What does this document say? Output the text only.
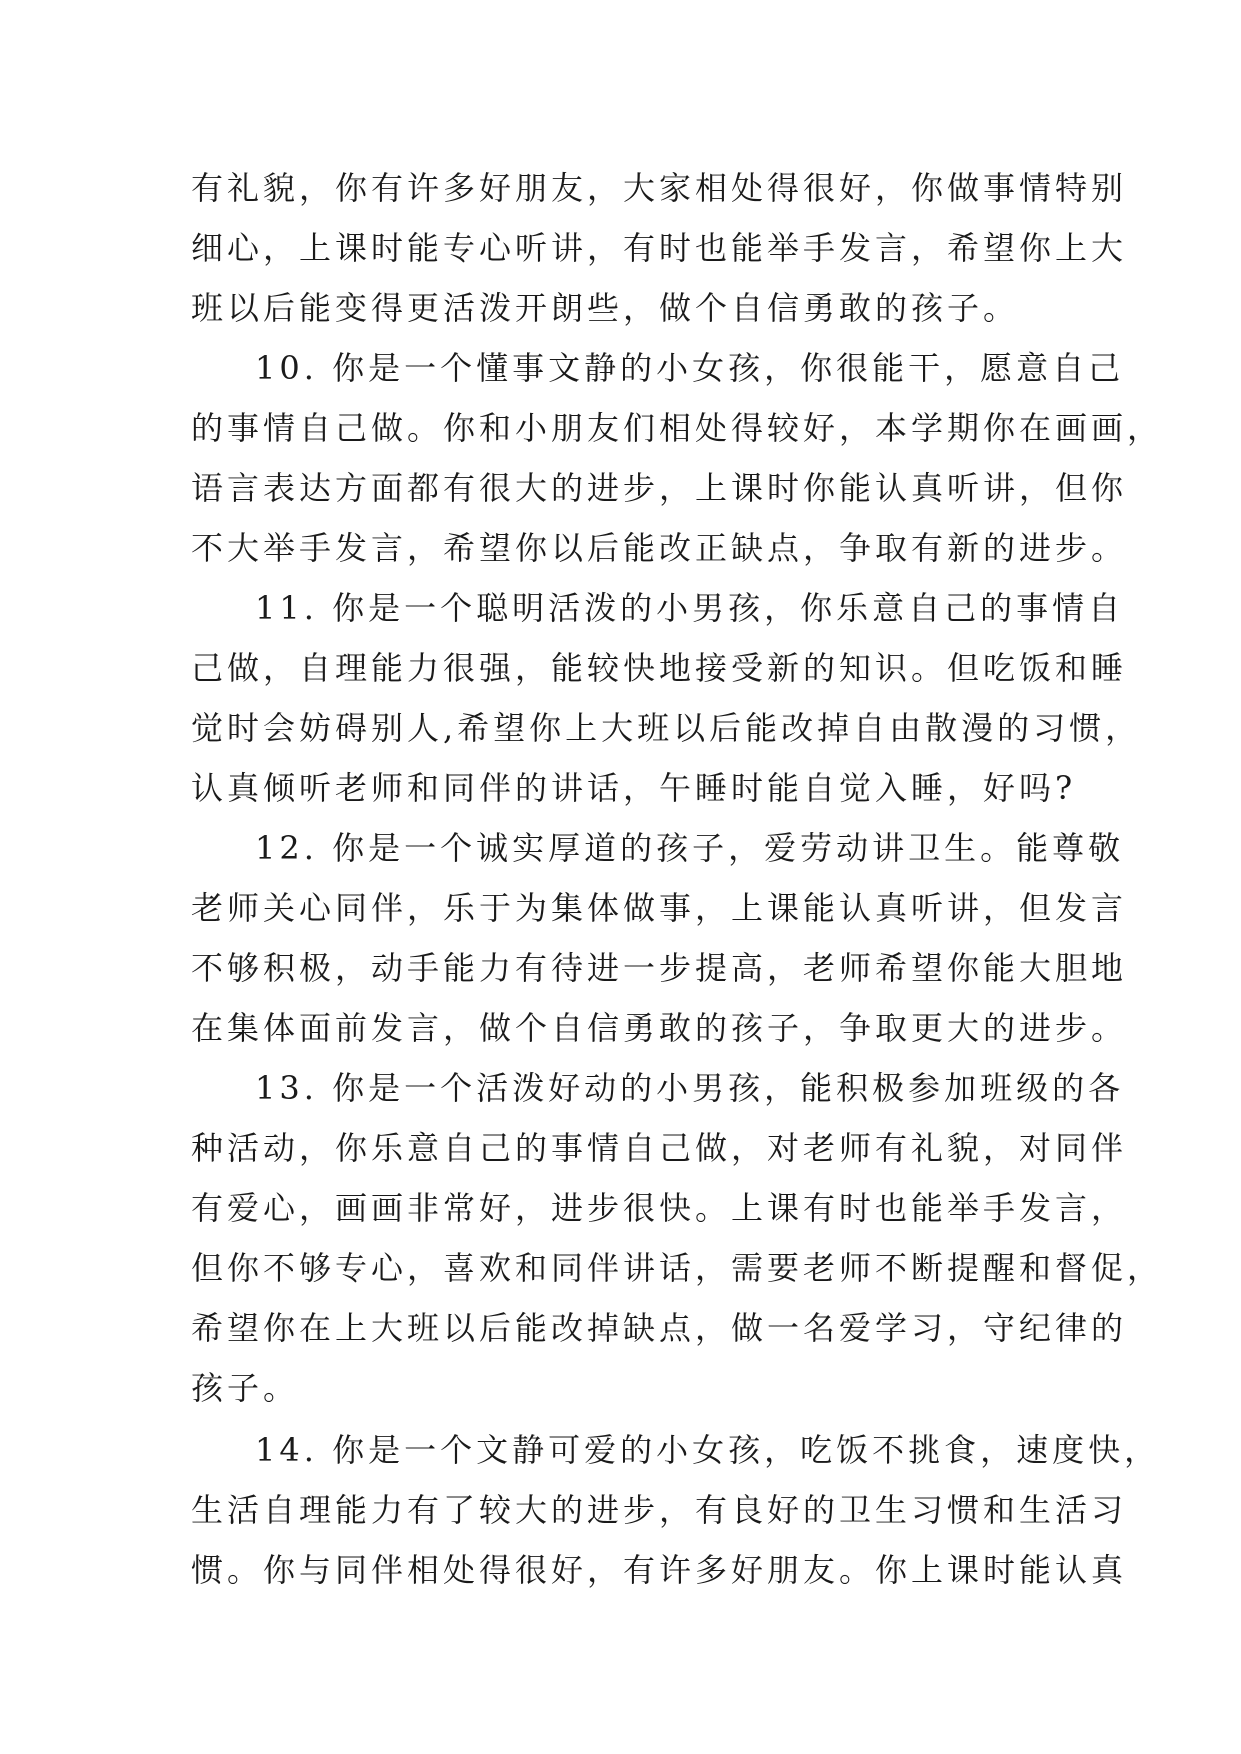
有礼貌，你有许多好朋友，大家相处得很好，你做事情特别
细心，上课时能专心听讲，有时也能举手发言，希望你上大
班以后能变得更活泼开朗些，做个自信勇敢的孩子。
10. 你是一个懂事文静的小女孩，你很能干，愿意自己
的事情自己做。你和小朋友们相处得较好，本学期你在画画，
语言表达方面都有很大的进步，上课时你能认真听讲，但你
不大举手发言，希望你以后能改正缺点，争取有新的进步。
11. 你是一个聪明活泼的小男孩，你乐意自己的事情自
己做，自理能力很强，能较快地接受新的知识。但吃饭和睡
觉时会妨碍别人,希望你上大班以后能改掉自由散漫的习惯，
认真倾听老师和同伴的讲话，午睡时能自觉入睡，好吗?
12. 你是一个诚实厚道的孩子，爱劳动讲卫生。能尊敬
老师关心同伴，乐于为集体做事，上课能认真听讲，但发言
不够积极，动手能力有待进一步提高，老师希望你能大胆地
在集体面前发言，做个自信勇敢的孩子，争取更大的进步。
13. 你是一个活泼好动的小男孩，能积极参加班级的各
种活动，你乐意自己的事情自己做，对老师有礼貌，对同伴
有爱心，画画非常好，进步很快。上课有时也能举手发言，
但你不够专心，喜欢和同伴讲话，需要老师不断提醒和督促，
希望你在上大班以后能改掉缺点，做一名爱学习，守纪律的
孩子。
14. 你是一个文静可爱的小女孩，吃饭不挑食，速度快，
生活自理能力有了较大的进步，有良好的卫生习惯和生活习
惯。你与同伴相处得很好，有许多好朋友。你上课时能认真
